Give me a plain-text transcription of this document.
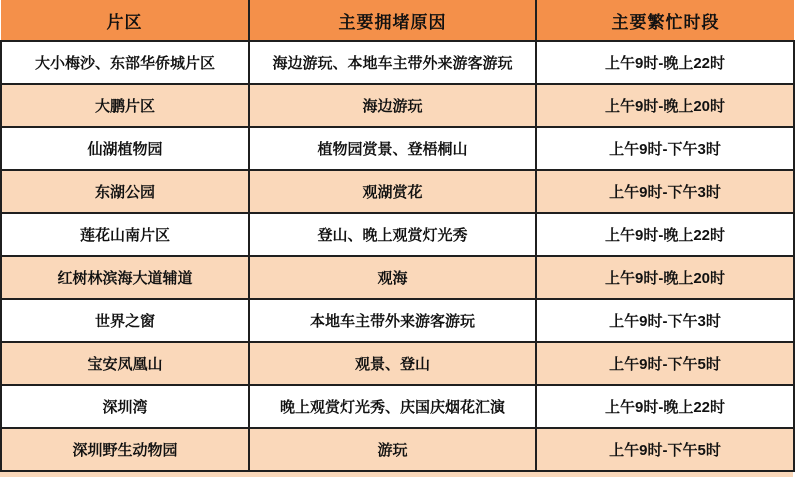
片区	主要拥堵原因	主要繁忙时段
大小梅沙、东部华侨城片区	海边游玩、本地车主带外来游客游玩	上午9时-晚上22时
大鹏片区	海边游玩	上午9时-晚上20时
仙湖植物园	植物园赏景、登梧桐山	上午9时-下午3时
东湖公园	观湖赏花	上午9时-下午3时
莲花山南片区	登山、晚上观赏灯光秀	上午9时-晚上22时
红树林滨海大道辅道	观海	上午9时-晚上20时
世界之窗	本地车主带外来游客游玩	上午9时-下午3时
宝安凤凰山	观景、登山	上午9时-下午5时
深圳湾	晚上观赏灯光秀、庆国庆烟花汇演	上午9时-晚上22时
深圳野生动物园	游玩	上午9时-下午5时
